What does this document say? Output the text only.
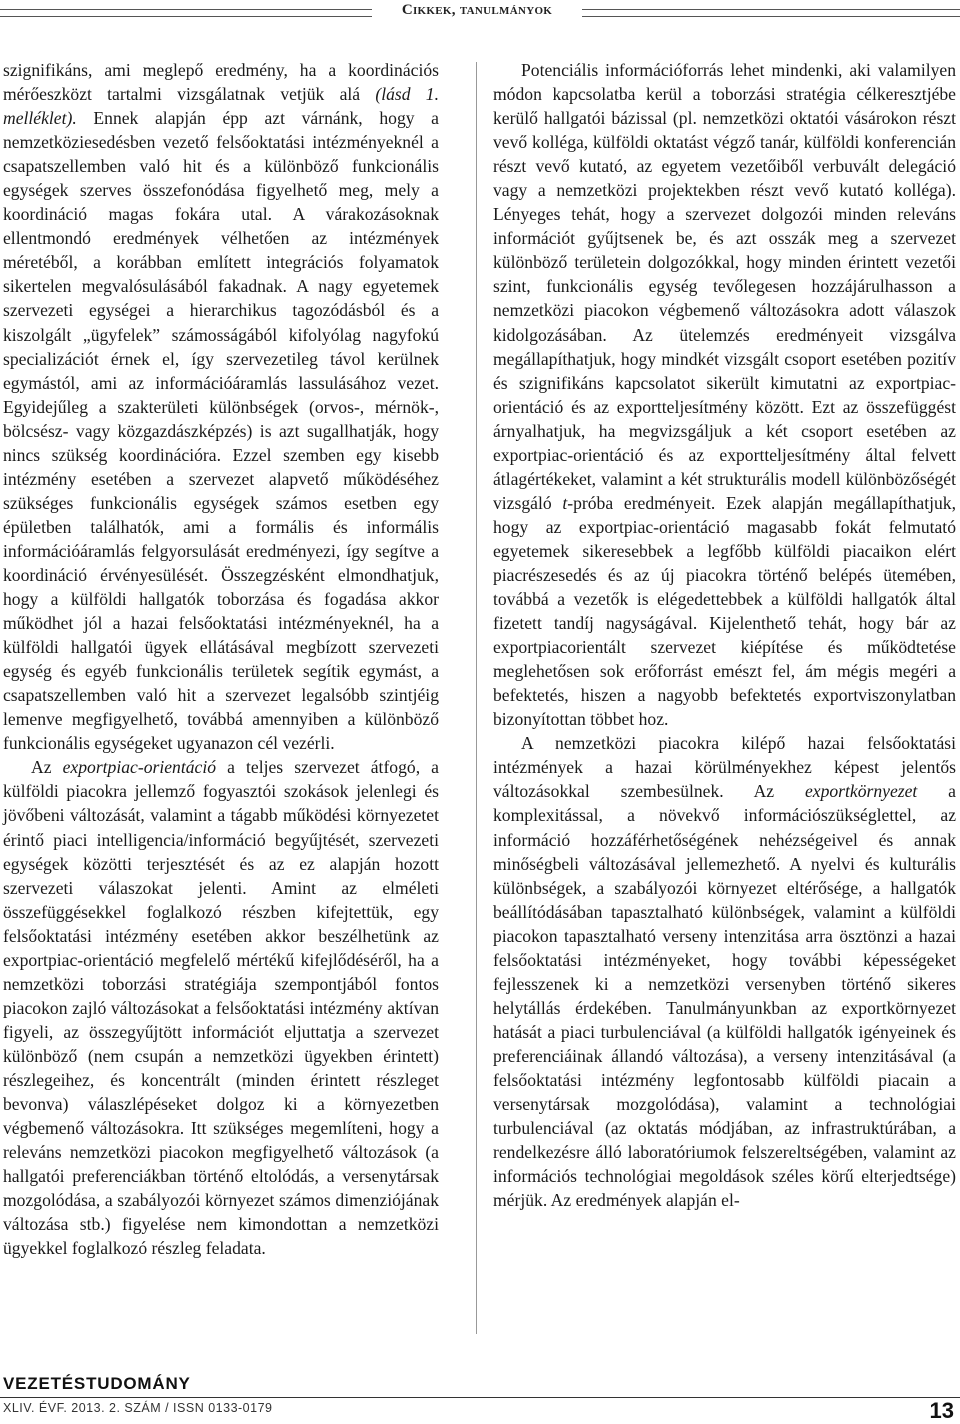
Cikkek, tanulmányok

szignifikáns, ami meglepő eredmény, ha a koordinációs mérőeszközt tartalmi vizsgálatnak vetjük alá (lásd 1. melléklet). Ennek alapján épp azt várnánk, hogy a nemzetköziesedésben vezető felsőoktatási intézményeknél a csapatszellemben való hit és a különböző funkcionális egységek szerves összefonódása figyelhető meg, mely a koordináció magas fokára utal. A várakozásoknak ellentmondó eredmények vélhetően az intézmények méretéből, a korábban említett integrációs folyamatok sikertelen megvalósulásából fakadnak. A nagy egyetemek szervezeti egységei a hierarchikus tagozódásból és a kiszolgált „ügyfelek” számosságából kifolyólag nagyfokú specializációt érnek el, így szervezetileg távol kerülnek egymástól, ami az információáramlás lassulásához vezet. Egyidejűleg a szakterületi különbségek (orvos-, mérnök-, bölcsész- vagy közgazdászképzés) is azt sugallhatják, hogy nincs szükség koordinációra. Ezzel szemben egy kisebb intézmény esetében a szervezet alapvető működéséhez szükséges funkcionális egységek számos esetben egy épületben találhatók, ami a formális és informális információáramlás felgyorsulását eredményezi, így segítve a koordináció érvényesülését. Összegzésként elmondhatjuk, hogy a külföldi hallgatók toborzása és fogadása akkor működhet jól a hazai felsőoktatási intézményeknél, ha a külföldi hallgatói ügyek ellátásával megbízott szervezeti egység és egyéb funkcionális területek segítik egymást, a csapatszellemben való hit a szervezet legalsóbb szintjéig lemenve megfigyelhető, továbbá amennyiben a különböző funkcionális egységeket ugyanazon cél vezérli.

Az exportpiac-orientáció a teljes szervezet átfogó, a külföldi piacokra jellemző fogyasztói szokások jelenlegi és jövőbeni változását, valamint a tágabb működési környezetet érintő piaci intelligencia/információ begyűjtését, szervezeti egységek közötti terjesztését és az ez alapján hozott szervezeti válaszokat jelenti. Amint az elméleti összefüggésekkel foglalkozó részben kifejtettük, egy felsőoktatási intézmény esetében akkor beszélhetünk az exportpiac-orientáció megfelelő mértékű kifejlődéséről, ha a nemzetközi toborzási stratégiája szempontjából fontos piacokon zajló változásokat a felsőoktatási intézmény aktívan figyeli, az összegyűjtött információt eljuttatja a szervezet különböző (nem csupán a nemzetközi ügyekben érintett) részlegeihez, és koncentrált (minden érintett részleget bevonva) válaszlépéseket dolgoz ki a környezetben végbemenő változásokra. Itt szükséges megemlíteni, hogy a releváns nemzetközi piacokon megfigyelhető változások (a hallgatói preferenciákban történő eltolódás, a versenytársak mozgolódása, a szabályozói környezet számos dimenziójának változása stb.) figyelése nem kimondottan a nemzetközi ügyekkel foglalkozó részleg feladata.

Potenciális információforrás lehet mindenki, aki valamilyen módon kapcsolatba kerül a toborzási stratégia célkeresztjébe kerülő hallgatói bázissal (pl. nemzetközi oktatói vásárokon részt vevő kolléga, külföldi oktatást végző tanár, külföldi konferencián részt vevő kutató, az egyetem vezetőiből verbuvált delegáció vagy a nemzetközi projektekben részt vevő kutató kolléga). Lényeges tehát, hogy a szervezet dolgozói minden releváns információt gyűjtsenek be, és azt osszák meg a szervezet különböző területein dolgozókkal, hogy minden érintett vezetői szint, funkcionális egység tevőlegesen hozzájárulhasson a nemzetközi piacokon végbemenő változásokra adott válaszok kidolgozásában. Az ütelemzés eredményeit vizsgálva megállapíthatjuk, hogy mindkét vizsgált csoport esetében pozitív és szignifikáns kapcsolatot sikerült kimutatni az exportpiac-orientáció és az exportteljesítmény között. Ezt az összefüggést árnyalhatjuk, ha megvizsgáljuk a két csoport esetében az exportpiac-orientáció és az exportteljesítmény által felvett átlagértékeket, valamint a két strukturális modell különbözőségét vizsgáló t-próba eredményeit. Ezek alapján megállapíthatjuk, hogy az exportpiac-orientáció magasabb fokát felmutató egyetemek sikeresebbek a legfőbb külföldi piacaikon elért piacrészesedés és az új piacokra történő belépés ütemében, továbbá a vezetők is elégedettebbek a külföldi hallgatók által fizetett tandíj nagyságával. Kijelenthető tehát, hogy bár az exportpiacorientált szervezet kiépítése és működtetése meglehetősen sok erőforrást emészt fel, ám mégis megéri a befektetés, hiszen a nagyobb befektetés exportviszonylatban bizonyítottan többet hoz.

A nemzetközi piacokra kilépő hazai felsőoktatási intézmények a hazai körülményekhez képest jelentős változásokkal szembesülnek. Az exportkörnyezet a komplexitással, a növekvő információszükséglettel, az információ hozzáférhetőségének nehézségeivel és annak minőségbeli változásával jellemezhető. A nyelvi és kulturális különbségek, a szabályozói környezet eltérősége, a hallgatók beállítódásában tapasztalható különbségek, valamint a külföldi piacokon tapasztalható verseny intenzitása arra ösztönzi a hazai felsőoktatási intézményeket, hogy további képességeket fejlesszenek ki a nemzetközi versenyben történő sikeres helytállás érdekében. Tanulmányunkban az exportkörnyezet hatását a piaci turbulenciával (a külföldi hallgatók igényeinek és preferenciáinak állandó változása), a verseny intenzitásával (a felsőoktatási intézmény legfontosabb külföldi piacain a versenytársak mozgolódása), valamint a technológiai turbulenciával (az oktatás módjában, az infrastruktúrában, a rendelkezésre álló laboratóriumok felszereltségében, valamint az információs technológiai megoldások széles körű elterjedtsége) mérjük. Az eredmények alapján el-

VEZETÉSTUDOMÁNY
XLIV. ÉVF. 2013. 2. SZÁM / ISSN 0133-0179	13
